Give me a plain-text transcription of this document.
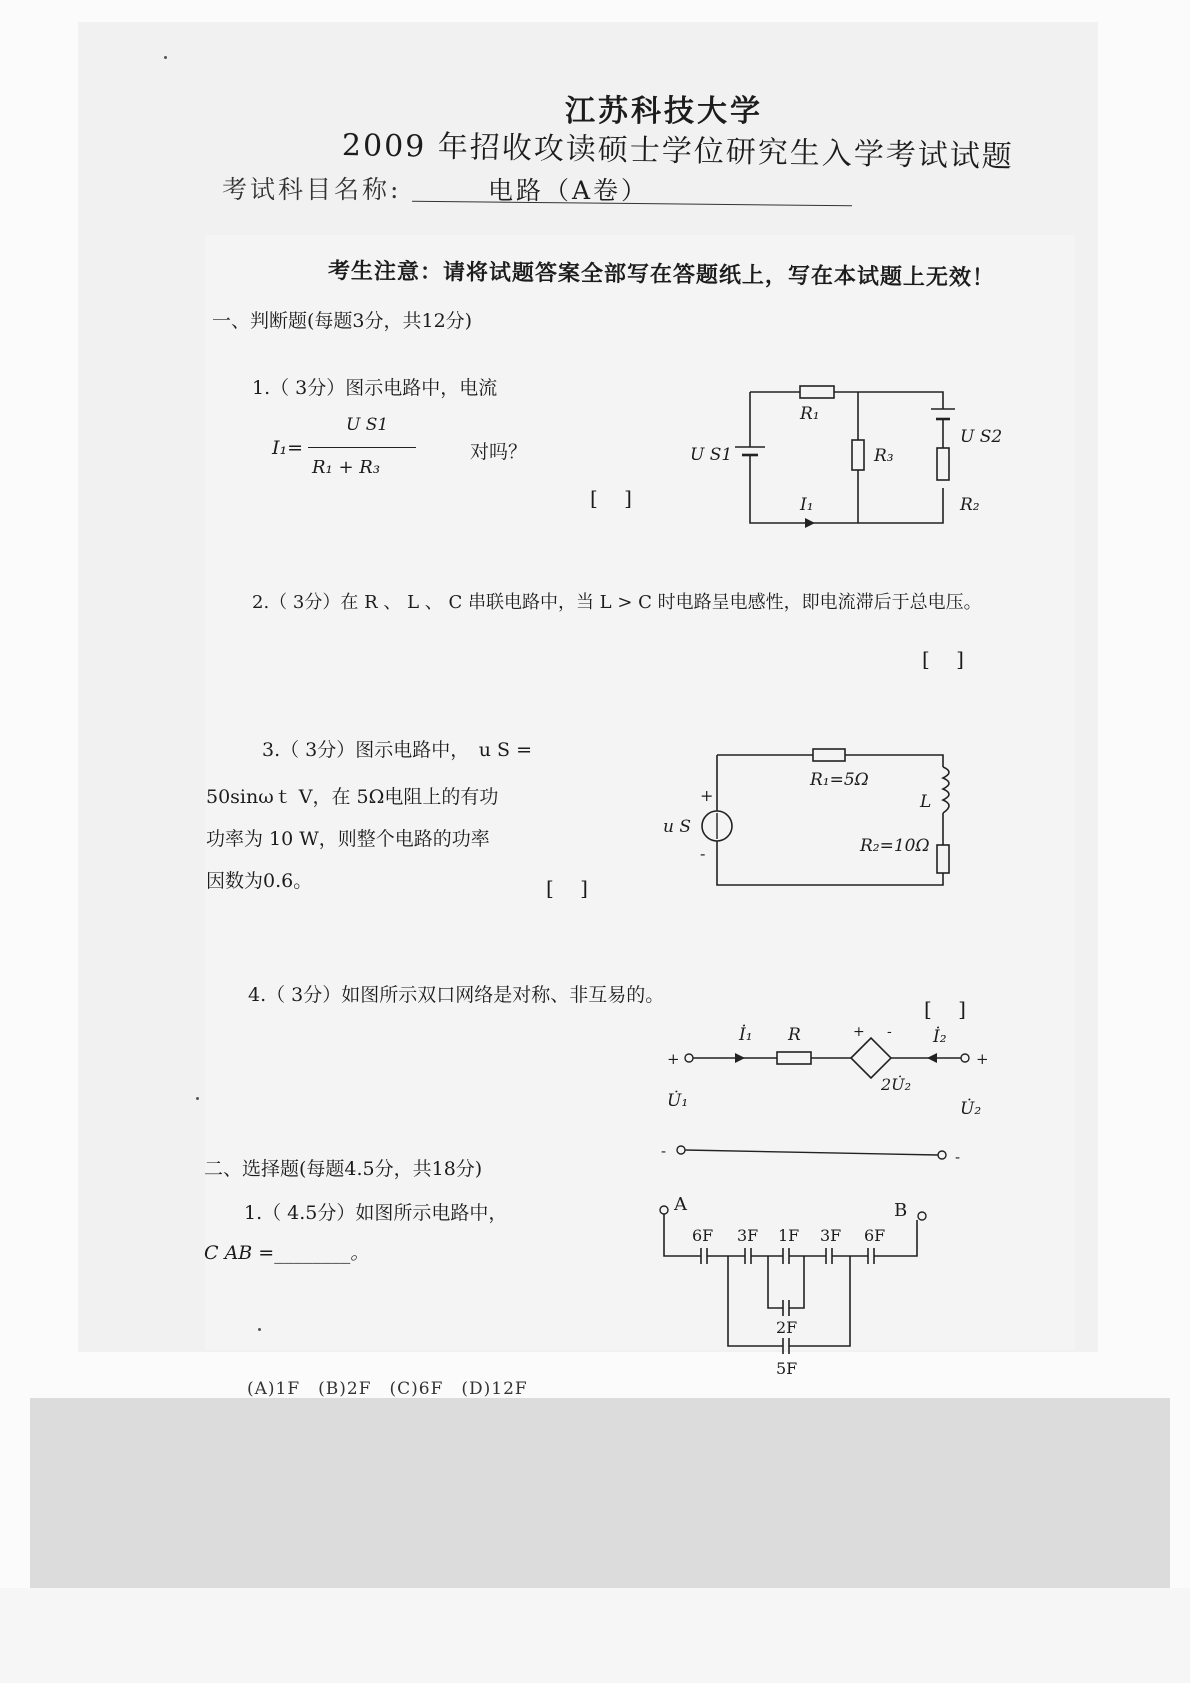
江苏科技大学
2009 年招收攻读硕士学位研究生入学考试试题
考试科目名称:	电路（A卷）
考生注意：请将试题答案全部写在答题纸上，写在本试题上无效！
一、判断题(每题3分，共12分)
1.（ 3分）图示电路中，电流
I₁=
U S1
R₁ + R₃
对吗？
[　 ]
R₁
R₃
R₂
U S1
U S2
I₁
2.（ 3分）在 R 、 L 、 C 串联电路中，当 L > C 时电路呈电感性，即电流滞后于总电压。
[　 ]
3.（ 3分）图示电路中，　u S =
50sinωｔ V，在 5Ω电阻上的有功
功率为 10 W，则整个电路的功率
因数为0.6。	[　 ]
+
-
R₁=5Ω
L
R₂=10Ω
u S
4.（ 3分）如图所示双口网络是对称、非互易的。
[　 ]
+	+
+ -
-	-
İ₁ R	İ₂
2U̇₂
U̇₁	U̇₂
二、选择题(每题4.5分，共18分)
1.（ 4.5分）如图所示电路中，
C AB =________。
(A)1F　(B)2F　(C)6F　(D)12F
A	B
6F 3F 1F 3F 6F
2F
5F
